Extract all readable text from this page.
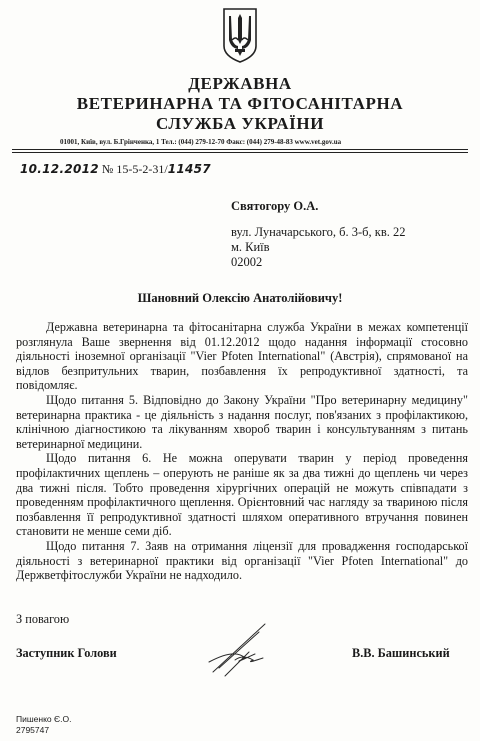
ДЕРЖАВНА
ВЕТЕРИНАРНА ТА ФІТОСАНІТАРНА
СЛУЖБА УКРАЇНИ
01001, Київ, вул. Б.Грінченка, 1 Тел.: (044) 279-12-70 Факс: (044) 279-48-83 www.vet.gov.ua
10.12.2012 № 15-5-2-31/11457
Святогору О.А.
вул. Луначарського, б. 3-б, кв. 22
м. Київ
02002
Шановний Олексію Анатолійовичу!

Державна ветеринарна та фітосанітарна служба України в межах компетенції розглянула Ваше звернення від 01.12.2012 щодо надання інформації стосовно діяльності іноземної організації "Vier Pfoten International" (Австрія), спрямованої на відлов безпритульних тварин, позбавлення їх репродуктивної здатності, та повідомляє.

Щодо питання 5. Відповідно до Закону України "Про ветеринарну медицину" ветеринарна практика - це діяльність з надання послуг, пов'язаних з профілактикою, клінічною діагностикою та лікуванням хвороб тварин і консультуванням з питань ветеринарної медицини.

Щодо питання 6. Не можна оперувати тварин у період проведення профілактичних щеплень – оперують не раніше як за два тижні до щеплень чи через два тижні після. Тобто проведення хірургічних операцій не можуть співпадати з проведенням профілактичного щеплення. Орієнтовний час нагляду за твариною після позбавлення її репродуктивної здатності шляхом оперативного втручання повинен становити не менше семи діб.

Щодо питання 7. Заяв на отримання ліцензії для провадження господарської діяльності з ветеринарної практики від організації "Vier Pfoten International" до Держветфітослужби України не надходило.

З повагою
Заступник Голови	В.В. Башинський
Пишенко Є.О.
2795747
